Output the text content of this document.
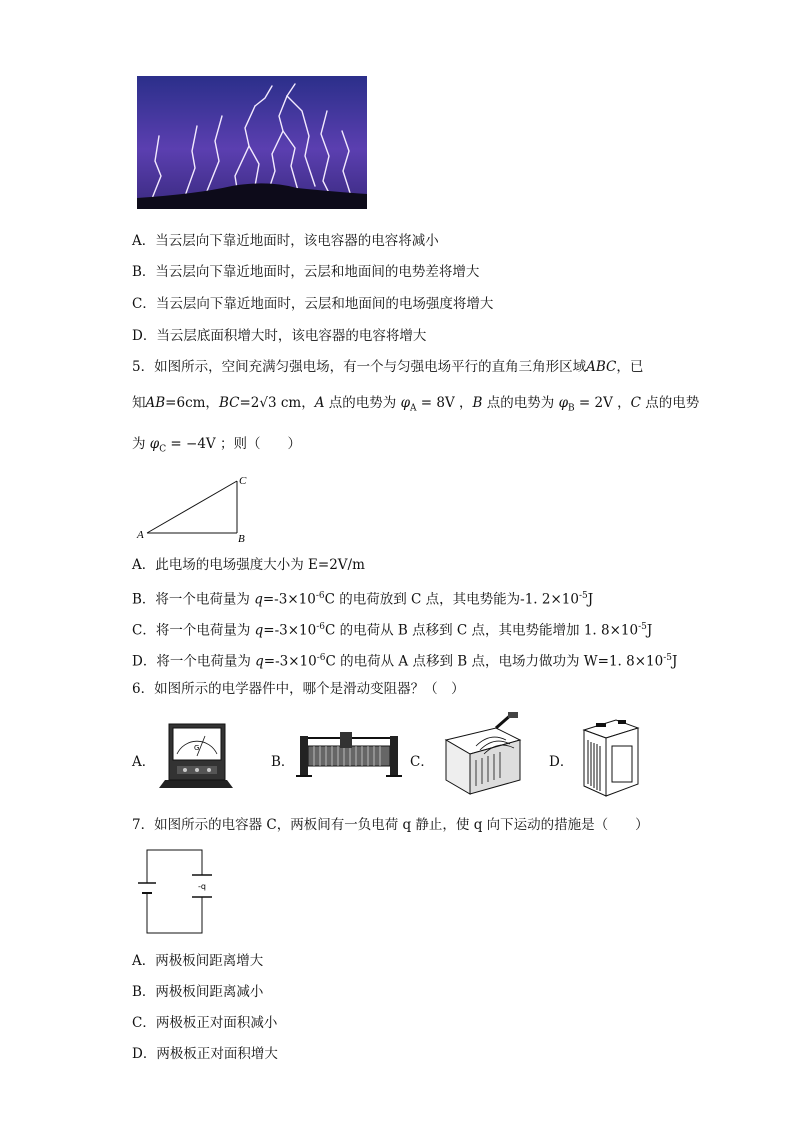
A．当云层向下靠近地面时，该电容器的电容将减小
B．当云层向下靠近地面时，云层和地面间的电势差将增大
C．当云层向下靠近地面时，云层和地面间的电场强度将增大
D．当云层底面积增大时，该电容器的电容将增大
5．如图所示，空间充满匀强电场，有一个与匀强电场平行的直角三角形区域ABC，已
知AB=6cm，BC=2√3 cm，A 点的电势为 $\varphi_A = 8V$ ，B 点的电势为 $\varphi_B = 2V$ ，C 点的电势
为 $\varphi_C = -4V$ ；则（　　）
A	B
C
A．此电场的电场强度大小为 E=2V/m
B．将一个电荷量为 $q=-3\times 10^{-6}C$ 的电荷放到 C 点，其电势能为-1. $2\times 10^{-5}J$
C．将一个电荷量为 $q=-3\times 10^{-6}C$ 的电荷从 B 点移到 C 点，其电势能增加 1. $8\times 10^{-5}J$
D．将一个电荷量为 $q=-3\times 10^{-6}C$ 的电荷从 A 点移到 B 点，电场力做功为 W=1. $8\times 10^{-5}J$
6．如图所示的电学器件中，哪个是滑动变阻器？（　）
A．
G
B．	C．	D．
7．如图所示的电容器 C，两板间有一负电荷 q 静止，使 q 向下运动的措施是（　　）
-q
A．两极板间距离增大
B．两极板间距离减小
C．两极板正对面积减小
D．两极板正对面积增大
